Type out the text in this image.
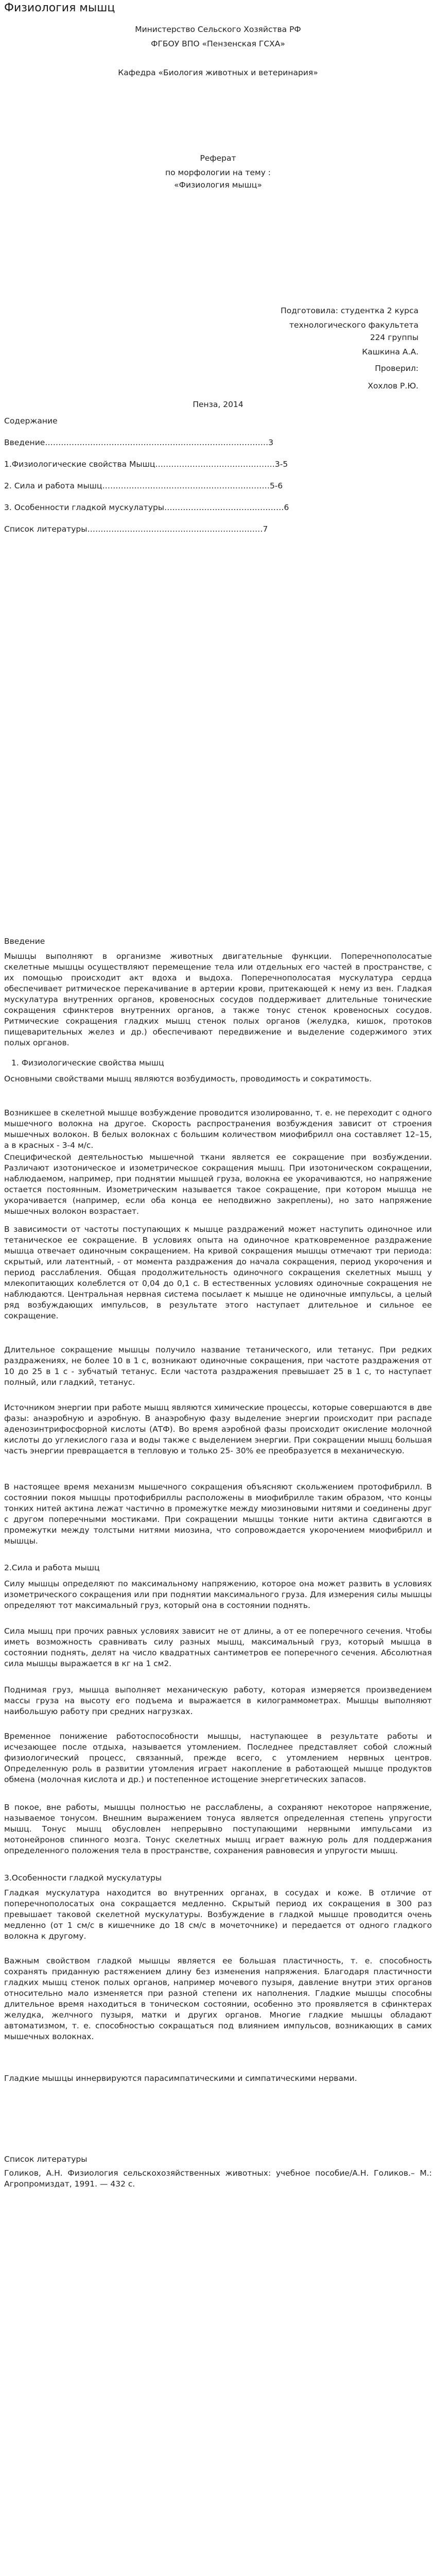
Физиология мышц
Министерство Сельского Хозяйства РФ
ФГБОУ ВПО «Пензенская ГСХА»
Кафедра «Биология животных и ветеринария»
Реферат
по морфологии на тему :
«Физиология мышц»
Подготовила: студентка 2 курса
технологического факультета
224 группы
Кашкина А.А.
Проверил:
Хохлов Р.Ю.
Пенза, 2014
Содержание
Введение…………………………………………………………………………3
1.Физиологические свойства Мышц………………………………………3-5
2. Сила и работа мышц………………………………………………………5-6
3. Особенности гладкой мускулатуры………………………………………6
Список литературы…………………………………………………………7
Введение

Мышцы выполняют в организме животных двигательные функции. Поперечнополосатые скелетные мышцы осуществляют перемещение тела или отдельных его частей в пространстве, с их помощью происходит акт вдоха и выдоха. Поперечнополосатая мускулатура сердца обеспечивает ритмическое перекачивание в артерии крови, притекающей к нему из вен. Гладкая мускулатура внутренних органов, кровеносных сосудов поддерживает длительные тонические сокращения сфинктеров внутренних органов, а также тонус стенок кровеносных сосудов. Ритмические сокращения гладких мышц стенок полых органов (желудка, кишок, протоков пищеварительных желез и др.) обеспечивают передвижение и выделение содержимого этих полых органов.

1. Физиологические свойства мышц

Основными свойствами мышц являются возбудимость, проводимость и сократимость.

Возникшее в скелетной мышце возбуждение проводится изолированно, т. е. не переходит с одного мышечного волокна на другое. Скорость распространения возбуждения зависит от строения мышечных волокон. В белых волокнах с большим количеством миофибрилл она составляет 12–15, а в красных - 3-4 м/с.

Специфической деятельностью мышечной ткани является ее сокращение при возбуждении. Различают изотоническое и изометрическое сокращения мышц. При изотоническом сокращении, наблюдаемом, например, при поднятии мышцей груза, волокна ее укорачиваются, но напряжение остается постоянным. Изометрическим называется такое сокращение, при котором мышца не укорачивается (например, если оба конца ее неподвижно закреплены), но зато напряжение мышечных волокон возрастает.

В зависимости от частоты поступающих к мышце раздражений может наступить одиночное или тетаническое ее сокращение. В условиях опыта на одиночное кратковременное раздражение мышца отвечает одиночным сокращением. На кривой сокращения мышцы отмечают три периода: скрытый, или латентный, - от момента раздражения до начала сокращения, период укорочения и период расслабления. Общая продолжительность одиночного сокращения скелетных мышц у млекопитающих колеблется от 0,04 до 0,1 с. В естественных условиях одиночные сокращения не наблюдаются. Центральная нервная система посылает к мышце не одиночные импульсы, а целый ряд возбуждающих импульсов, в результате этого наступает длительное и сильное ее сокращение.

Длительное сокращение мышцы получило название тетанического, или тетанус. При редких раздражениях, не более 10 в 1 с, возникают одиночные сокращения, при частоте раздражения от 10 до 25 в 1 с - зубчатый тетанус. Если частота раздражения превышает 25 в 1 с, то наступает полный, или гладкий, тетанус.

Источником энергии при работе мышц являются химические процессы, которые совершаются в две фазы: анаэробную и аэробную. В анаэробную фазу выделение энергии происходит при распаде аденозинтрифосфорной кислоты (АТФ). Во время аэробной фазы происходит окисление молочной кислоты до углекислого газа и воды также с выделением энергии. При сокращении мышц большая часть энергии превращается в тепловую и только 25- 30% ее преобразуется в механическую.

В настоящее время механизм мышечного сокращения объясняют скольжением протофибрилл. В состоянии покоя мышцы протофибриллы расположены в миофибрилле таким образом, что концы тонких нитей актина лежат частично в промежутке между миозиновыми нитями и соединены друг с другом поперечными мостиками. При сокращении мышцы тонкие нити актина сдвигаются в промежутки между толстыми нитями миозина, что сопровождается укорочением миофибрилл и мышцы.

2.Сила и работа мышц

Силу мышцы определяют по максимальному напряжению, которое она может развить в условиях изометрического сокращения или при поднятии максимального груза. Для измерения силы мышцы определяют тот максимальный груз, который она в состоянии поднять.

Сила мышц при прочих равных условиях зависит не от длины, а от ее поперечного сечения. Чтобы иметь возможность сравнивать силу разных мышц, максимальный груз, который мышца в состоянии поднять, делят на число квадратных сантиметров ее поперечного сечения. Абсолютная сила мышцы выражается в кг на 1 см2.

Поднимая груз, мышца выполняет механическую работу, которая измеряется произведением массы груза на высоту его подъема и выражается в килограммометрах. Мышцы выполняют наибольшую работу при средних нагрузках.

Временное понижение работоспособности мышцы, наступающее в результате работы и исчезающее после отдыха, называется утомлением. Последнее представляет собой сложный физиологический процесс, связанный, прежде всего, с утомлением нервных центров. Определенную роль в развитии утомления играет накопление в работающей мышце продуктов обмена (молочная кислота и др.) и постепенное истощение энергетических запасов.

В покое, вне работы, мышцы полностью не расслаблены, а сохраняют некоторое напряжение, называемое тонусом. Внешним выражением тонуса является определенная степень упругости мышц. Тонус мышц обусловлен непрерывно поступающими нервными импульсами из мотонейронов спинного мозга. Тонус скелетных мышц играет важную роль для поддержания определенного положения тела в пространстве, сохранения равновесия и упругости мышц.

3.Особенности гладкой мускулатуры

Гладкая мускулатура находится во внутренних органах, в сосудах и коже. В отличие от поперечнополосатых она сокращается медленно. Скрытый период их сокращения в 300 раз превышает таковой скелетной мускулатуры. Возбуждение в гладкой мышце проводится очень медленно (от 1 см/с в кишечнике до 18 см/с в мочеточнике) и передается от одного гладкого волокна к другому.

Важным свойством гладкой мышцы является ее большая пластичность, т. е. способность сохранять приданную растяжением длину без изменения напряжения. Благодаря пластичности гладких мышц стенок полых органов, например мочевого пузыря, давление внутри этих органов относительно мало изменяется при разной степени их наполнения. Гладкие мышцы способны длительное время находиться в тоническом состоянии, особенно это проявляется в сфинктерах желудка, желчного пузыря, матки и других органов. Многие гладкие мышцы обладают автоматизмом, т. е. способностью сокращаться под влиянием импульсов, возникающих в самих мышечных волокнах.

Гладкие мышцы иннервируются парасимпатическими и симпатическими нервами.

Список литературы

Голиков, А.Н. Физиология сельскохозяйственных животных: учебное пособие/А.Н. Голиков.– М.: Агропромиздат, 1991. — 432 с.
